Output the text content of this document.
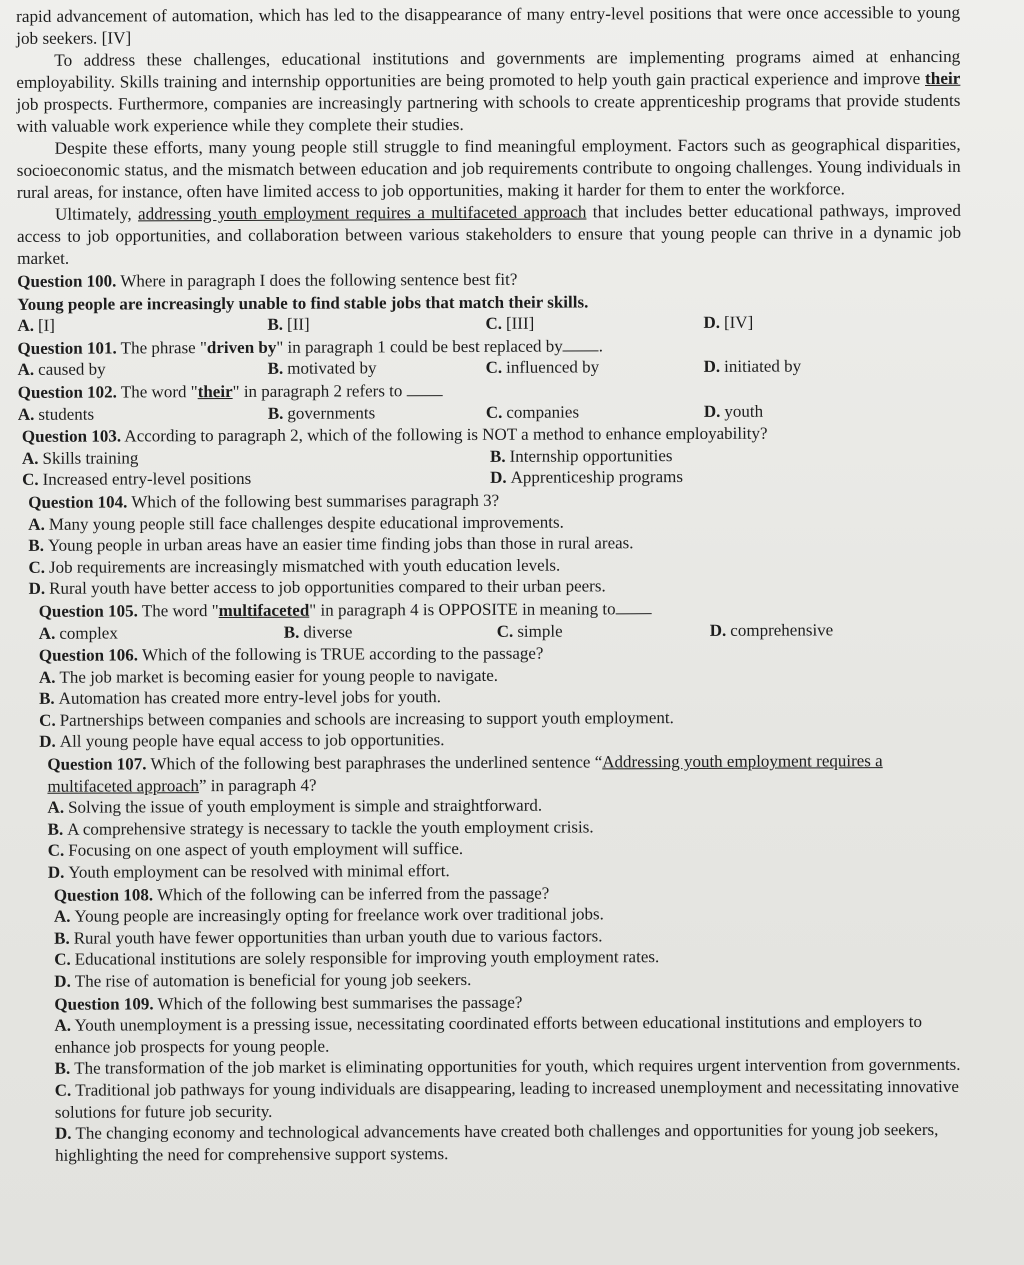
rapid advancement of automation, which has led to the disappearance of many entry-level positions that were once accessible to young job seekers. [IV]

To address these challenges, educational institutions and governments are implementing programs aimed at enhancing employability. Skills training and internship opportunities are being promoted to help youth gain practical experience and improve their job prospects. Furthermore, companies are increasingly partnering with schools to create apprenticeship programs that provide students with valuable work experience while they complete their studies.

Despite these efforts, many young people still struggle to find meaningful employment. Factors such as geographical disparities, socioeconomic status, and the mismatch between education and job requirements contribute to ongoing challenges. Young individuals in rural areas, for instance, often have limited access to job opportunities, making it harder for them to enter the workforce.

Ultimately, addressing youth employment requires a multifaceted approach that includes better educational pathways, improved access to job opportunities, and collaboration between various stakeholders to ensure that young people can thrive in a dynamic job market.

Question 100. Where in paragraph I does the following sentence best fit?
Young people are increasingly unable to find stable jobs that match their skills.
A. [I]	B. [II]	C. [III]	D. [IV]
Question 101. The phrase "driven by" in paragraph 1 could be best replaced by .
A. caused by	B. motivated by	C. influenced by	D. initiated by
Question 102. The word "their" in paragraph 2 refers to
A. students	B. governments	C. companies	D. youth
Question 103. According to paragraph 2, which of the following is NOT a method to enhance employability?
A. Skills training	B. Internship opportunities
C. Increased entry-level positions	D. Apprenticeship programs
Question 104. Which of the following best summarises paragraph 3?
A. Many young people still face challenges despite educational improvements.
B. Young people in urban areas have an easier time finding jobs than those in rural areas.
C. Job requirements are increasingly mismatched with youth education levels.
D. Rural youth have better access to job opportunities compared to their urban peers.
Question 105. The word "multifaceted" in paragraph 4 is OPPOSITE in meaning to
A. complex	B. diverse	C. simple	D. comprehensive
Question 106. Which of the following is TRUE according to the passage?
A. The job market is becoming easier for young people to navigate.
B. Automation has created more entry-level jobs for youth.
C. Partnerships between companies and schools are increasing to support youth employment.
D. All young people have equal access to job opportunities.
Question 107. Which of the following best paraphrases the underlined sentence “Addressing youth employment requires a multifaceted approach” in paragraph 4?
A. Solving the issue of youth employment is simple and straightforward.
B. A comprehensive strategy is necessary to tackle the youth employment crisis.
C. Focusing on one aspect of youth employment will suffice.
D. Youth employment can be resolved with minimal effort.
Question 108. Which of the following can be inferred from the passage?
A. Young people are increasingly opting for freelance work over traditional jobs.
B. Rural youth have fewer opportunities than urban youth due to various factors.
C. Educational institutions are solely responsible for improving youth employment rates.
D. The rise of automation is beneficial for young job seekers.
Question 109. Which of the following best summarises the passage?
A. Youth unemployment is a pressing issue, necessitating coordinated efforts between educational institutions and employers to enhance job prospects for young people.
B. The transformation of the job market is eliminating opportunities for youth, which requires urgent intervention from governments.
C. Traditional job pathways for young individuals are disappearing, leading to increased unemployment and necessitating innovative solutions for future job security.
D. The changing economy and technological advancements have created both challenges and opportunities for young job seekers, highlighting the need for comprehensive support systems.
